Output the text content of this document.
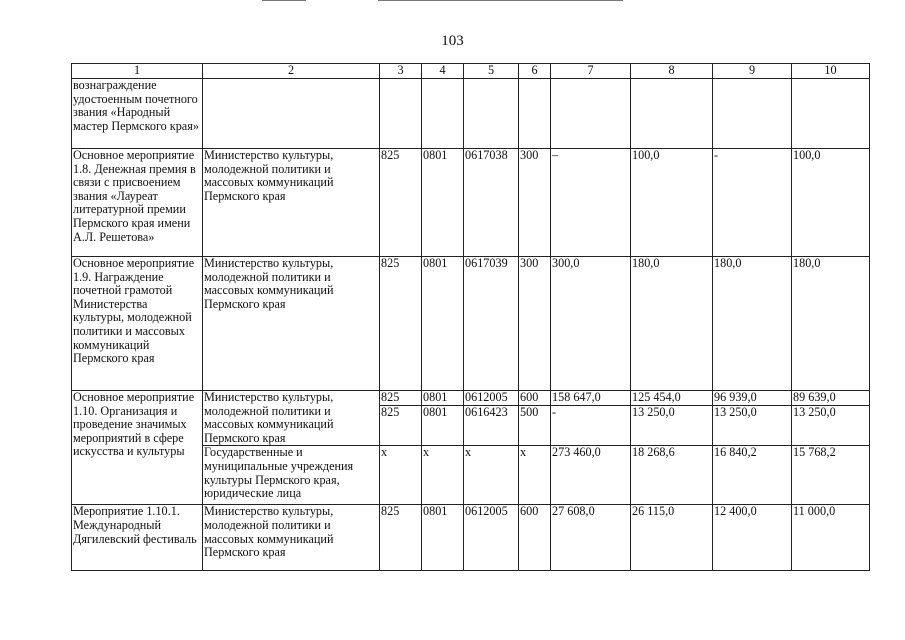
103
1	2	3	4	5	6	7	8	9	10
вознаграждение удостоенным почетного звания «Народный мастер Пермского края»									
Основное мероприятие 1.8. Денежная премия в связи с присвоением звания «Лауреат литературной премии Пермского края имени А.Л. Решетова»	Министерство культуры, молодежной политики и массовых коммуникаций Пермского края	825	0801	0617038	300	–	100,0	-	100,0
Основное мероприятие 1.9. Награждение почетной грамотой Министерства культуры, молодежной политики и массовых коммуникаций Пермского края	Министерство культуры, молодежной политики и массовых коммуникаций Пермского края	825	0801	0617039	300	300,0	180,0	180,0	180,0
Основное мероприятие 1.10. Организация и проведение значимых мероприятий в сфере искусства и культуры	Министерство культуры, молодежной политики и массовых коммуникаций Пермского края	825	0801	0612005	600	158 647,0	125 454,0	96 939,0	89 639,0
		825	0801	0616423	500	-	13 250,0	13 250,0	13 250,0
	Государственные и муниципальные учреждения культуры Пермского края, юридические лица	х	х	х	х	273 460,0	18 268,6	16 840,2	15 768,2
Мероприятие 1.10.1. Международный Дягилевский фестиваль	Министерство культуры, молодежной политики и массовых коммуникаций Пермского края	825	0801	0612005	600	27 608,0	26 115,0	12 400,0	11 000,0
